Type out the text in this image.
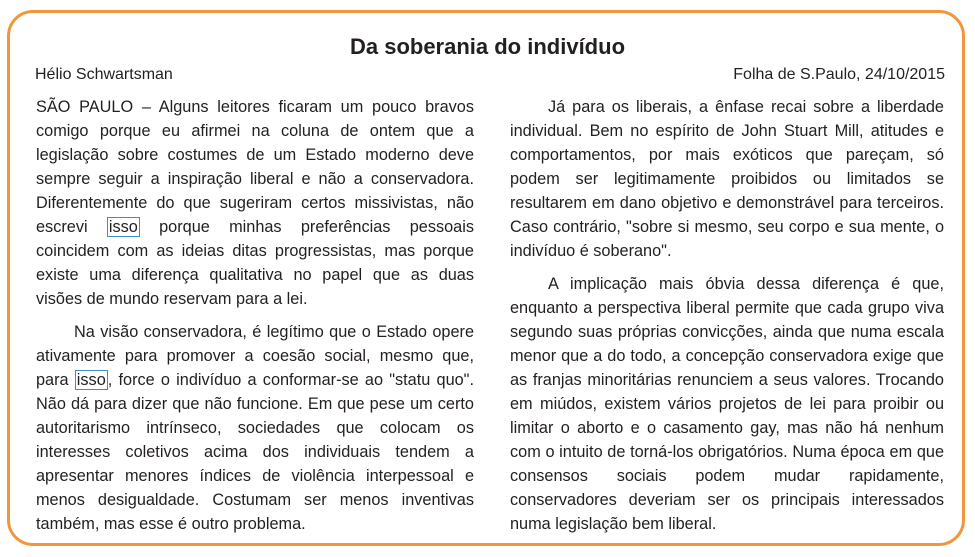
Da soberania do indivíduo
Hélio Schwartsman	Folha de S.Paulo, 24/10/2015

SÃO PAULO – Alguns leitores ficaram um pouco bravos comigo porque eu afirmei na coluna de ontem que a legislação sobre costumes de um Estado moderno deve sempre seguir a inspiração liberal e não a conservadora. Diferentemente do que sugeriram certos missivistas, não escrevi isso porque minhas preferências pessoais coincidem com as ideias ditas progressistas, mas porque existe uma diferença qualitativa no papel que as duas visões de mundo reservam para a lei.

Na visão conservadora, é legítimo que o Estado opere ativamente para promover a coesão social, mesmo que, para isso , force o indivíduo a conformar-se ao "statu quo". Não dá para dizer que não funcione. Em que pese um certo autoritarismo intrínseco, sociedades que colocam os interesses coletivos acima dos individuais tendem a apresentar menores índices de violência interpessoal e menos desigualdade. Costumam ser menos inventivas também, mas esse é outro problema.

Já para os liberais, a ênfase recai sobre a liberdade individual. Bem no espírito de John Stuart Mill, atitudes e comportamentos, por mais exóticos que pareçam, só podem ser legitimamente proibidos ou limitados se resultarem em dano objetivo e demonstrável para terceiros. Caso contrário, "sobre si mesmo, seu corpo e sua mente, o indivíduo é soberano".

A implicação mais óbvia dessa diferença é que, enquanto a perspectiva liberal permite que cada grupo viva segundo suas próprias convicções, ainda que numa escala menor que a do todo, a concepção conservadora exige que as franjas minoritárias renunciem a seus valores. Trocando em miúdos, existem vários projetos de lei para proibir ou limitar o aborto e o casamento gay, mas não há nenhum com o intuito de torná-los obrigatórios. Numa época em que consensos sociais podem mudar rapidamente, conservadores deveriam ser os principais interessados numa legislação bem liberal.
